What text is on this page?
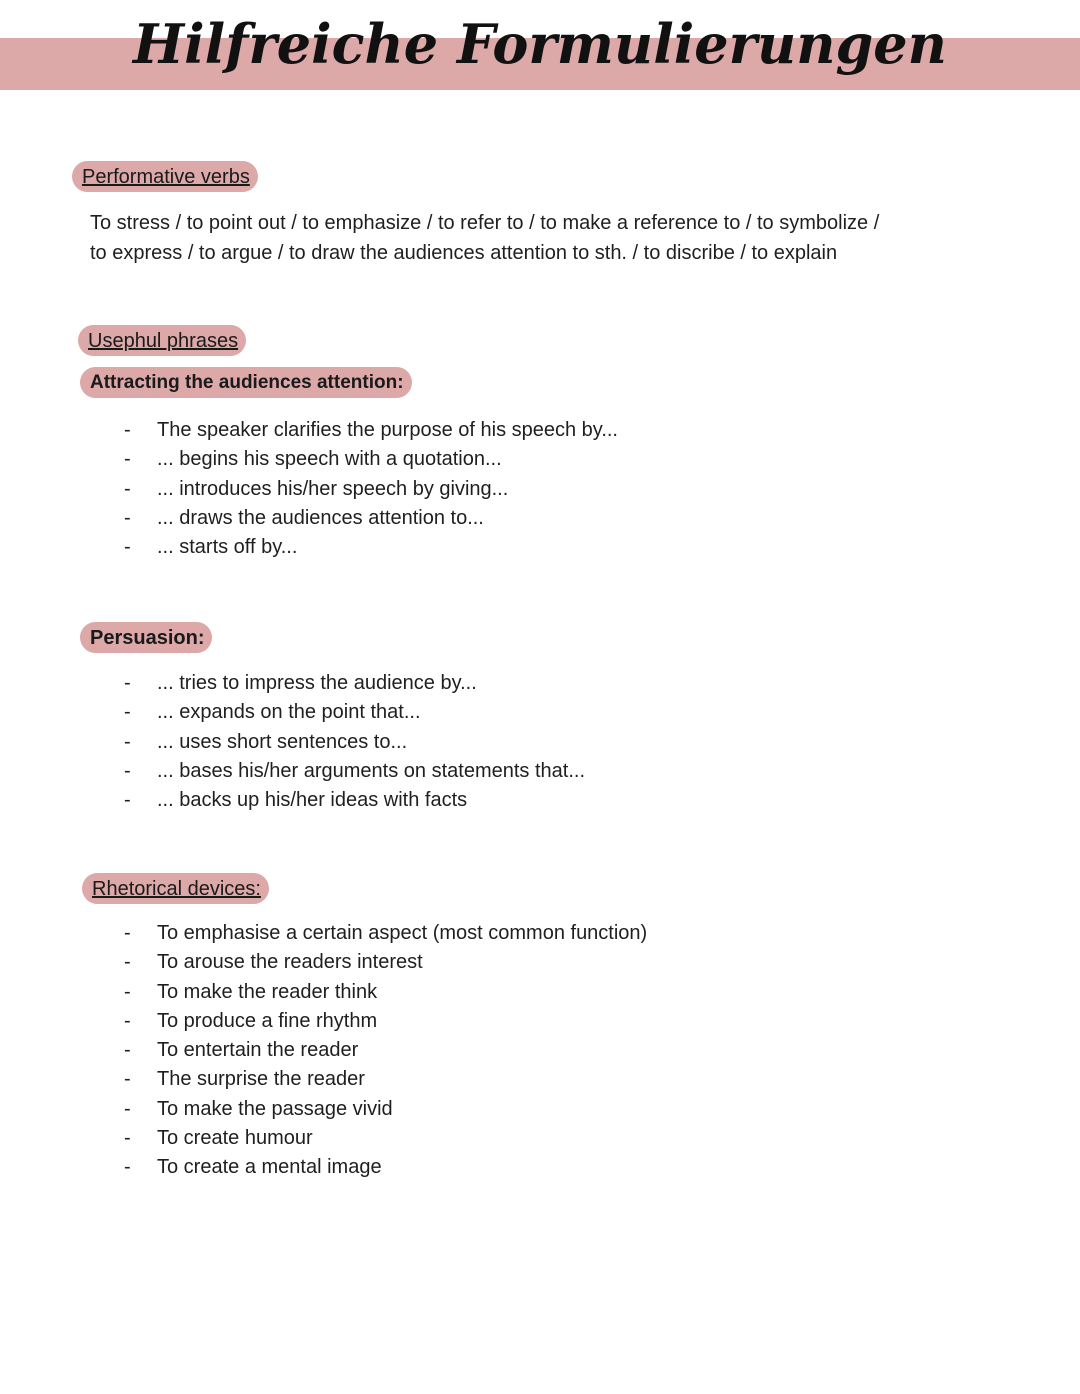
Hilfreiche Formulierungen
Performative verbs
To stress / to point out / to emphasize / to refer to / to make a reference to / to symbolize /
to express / to argue / to draw the audiences attention to sth. / to discribe / to explain
Usephul phrases
Attracting the audiences attention:
- The speaker clarifies the purpose of his speech by...
- ... begins his speech with a quotation...
- ... introduces his/her speech by giving...
- ... draws the audiences attention to...
- ... starts off by...
Persuasion:
- ... tries to impress the audience by...
- ... expands on the point that...
- ... uses short sentences to...
- ... bases his/her arguments on statements that...
- ... backs up his/her ideas with facts
Rhetorical devices:
- To emphasise a certain aspect (most common function)
- To arouse the readers interest
- To make the reader think
- To produce a fine rhythm
- To entertain the reader
- The surprise the reader
- To make the passage vivid
- To create humour
- To create a mental image
